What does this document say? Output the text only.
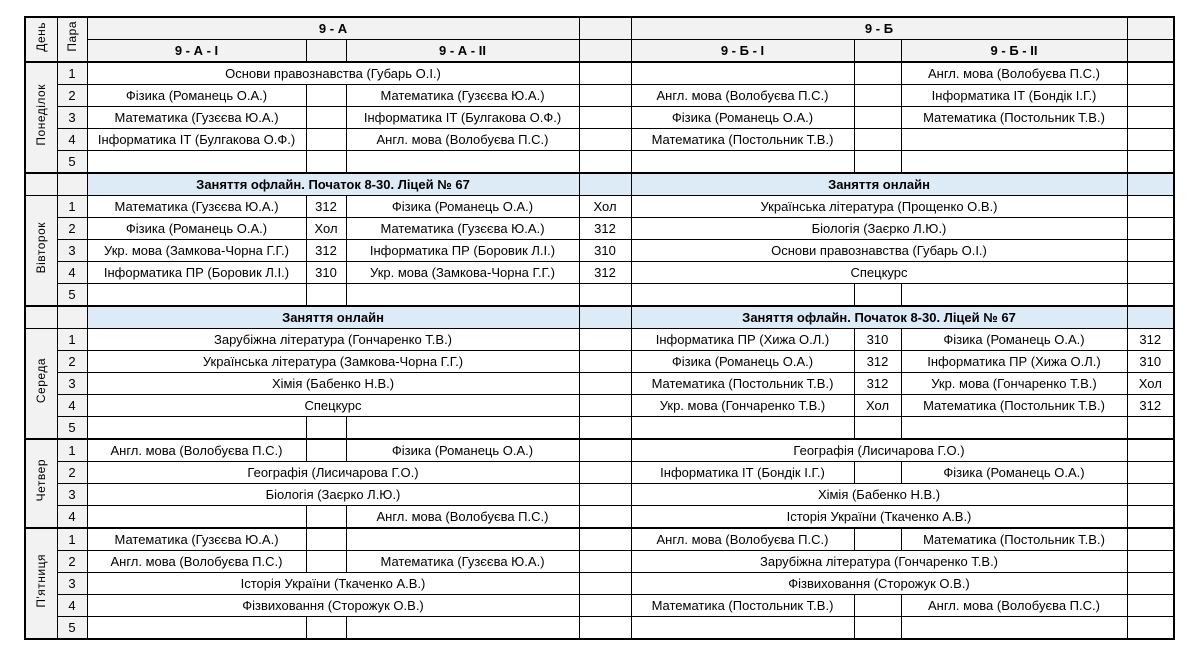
День	Пара	9 - А				9 - Б			
		9 - А - I		9 - А - II		9 - Б - I		9 - Б - II	
Понеділок	1	Основи правознавства (Губарь О.І.)						Англ. мова (Волобуєва П.С.)	
	2	Фізика (Романець О.А.)		Математика (Гузєєва Ю.А.)		Англ. мова (Волобуєва П.С.)		Інформатика ІТ (Бондік І.Г.)	
	3	Математика (Гузєєва Ю.А.)		Інформатика ІТ (Булгакова О.Ф.)		Фізика (Романець О.А.)		Математика (Постольник Т.В.)	
	4	Інформатика ІТ (Булгакова О.Ф.)		Англ. мова (Волобуєва П.С.)		Математика (Постольник Т.В.)			
	5								
		Заняття офлайн. Початок 8-30. Ліцей № 67				Заняття онлайн			
Вівторок	1	Математика (Гузєєва Ю.А.)	312	Фізика (Романець О.А.)	Хол	Українська література (Прощенко О.В.)			
	2	Фізика (Романець О.А.)	Хол	Математика (Гузєєва Ю.А.)	312	Біологія (Заєрко Л.Ю.)			
	3	Укр. мова (Замкова-Чорна Г.Г.)	312	Інформатика ПР (Боровик Л.І.)	310	Основи правознавства (Губарь О.І.)			
	4	Інформатика ПР (Боровик Л.І.)	310	Укр. мова (Замкова-Чорна Г.Г.)	312	Спецкурс			
	5								
		Заняття онлайн				Заняття офлайн. Початок 8-30. Ліцей № 67			
Середа	1	Зарубіжна література (Гончаренко Т.В.)				Інформатика ПР (Хижа О.Л.)	310	Фізика (Романець О.А.)	312
	2	Українська література (Замкова-Чорна Г.Г.)				Фізика (Романець О.А.)	312	Інформатика ПР (Хижа О.Л.)	310
	3	Хімія (Бабенко Н.В.)				Математика (Постольник Т.В.)	312	Укр. мова (Гончаренко Т.В.)	Хол
	4	Спецкурс				Укр. мова (Гончаренко Т.В.)	Хол	Математика (Постольник Т.В.)	312
	5								
Четвер	1	Англ. мова (Волобуєва П.С.)		Фізика (Романець О.А.)		Географія (Лисичарова Г.О.)			
	2	Географія (Лисичарова Г.О.)				Інформатика ІТ (Бондік І.Г.)		Фізика (Романець О.А.)	
	3	Біологія (Заєрко Л.Ю.)				Хімія (Бабенко Н.В.)			
	4			Англ. мова (Волобуєва П.С.)		Історія України (Ткаченко А.В.)			
П'ятниця	1	Математика (Гузєєва Ю.А.)				Англ. мова (Волобуєва П.С.)		Математика (Постольник Т.В.)	
	2	Англ. мова (Волобуєва П.С.)		Математика (Гузєєва Ю.А.)		Зарубіжна література (Гончаренко Т.В.)			
	3	Історія України (Ткаченко А.В.)				Фізвиховання (Сторожук О.В.)			
	4	Фізвиховання (Сторожук О.В.)				Математика (Постольник Т.В.)		Англ. мова (Волобуєва П.С.)	
	5								
